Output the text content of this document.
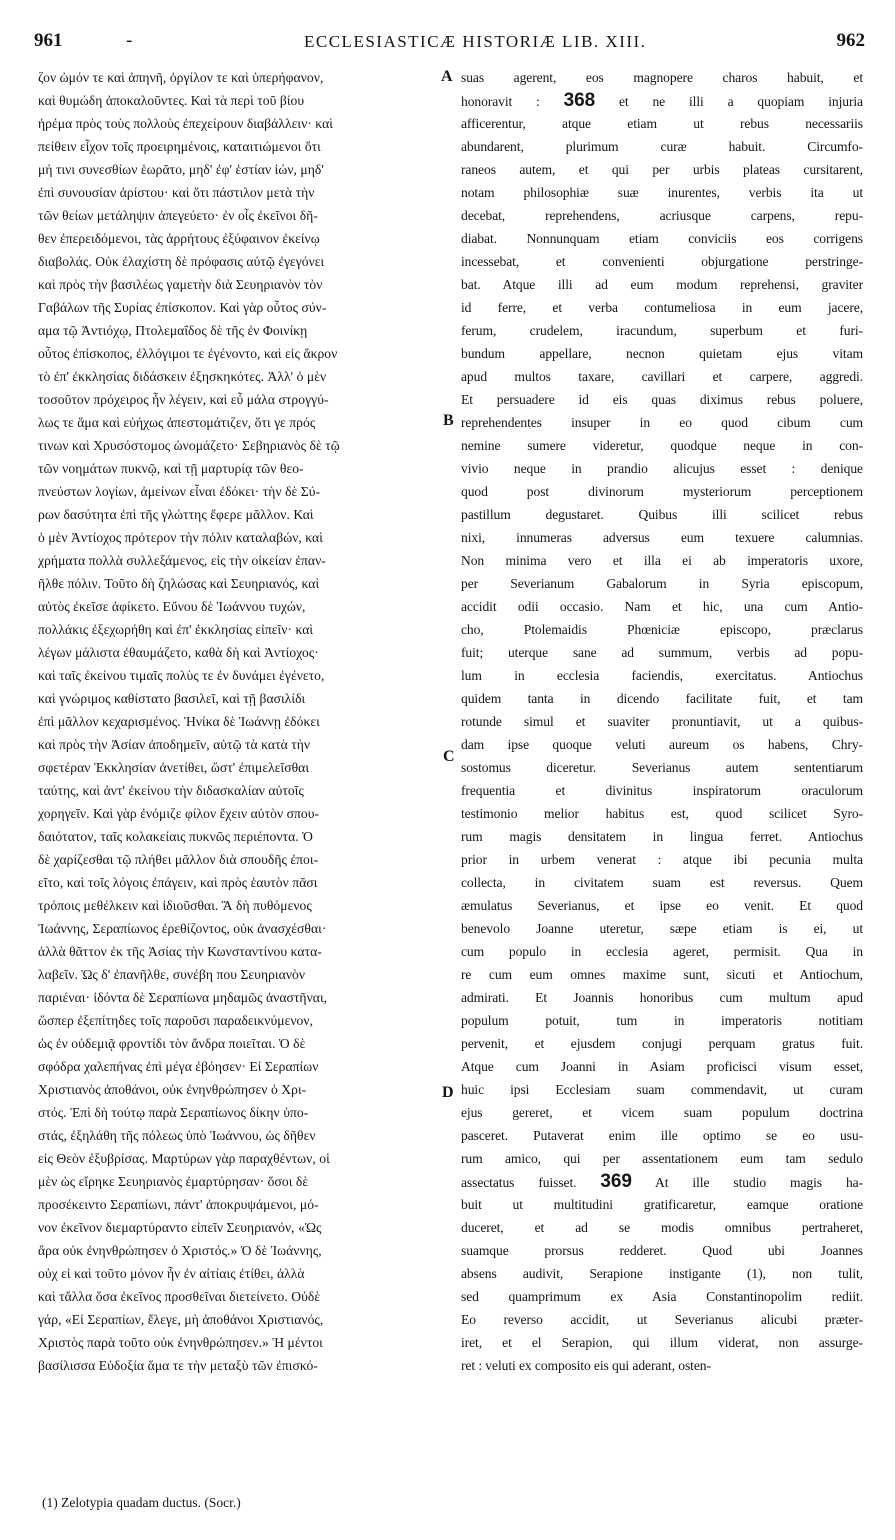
961	-	ECCLESIASTICÆ HISTORIÆ LIB. XIII.	962
ζον ὠμόν τε καὶ ἀπηνῆ, ὀργίλον τε καὶ ὑπερήφανον,
καὶ θυμώδη ἀποκαλοῦντες. Καὶ τὰ περὶ τοῦ βίου
ἠρέμα πρὸς τοὺς πολλοὺς ἐπεχείρουν διαβάλλειν· καὶ
πείθειν εἶχον τοῖς προειρημένοις, καταιτιώμενοι ὅτι
μή τινι συνεσθίων ἑωρᾶτο, μηδ' ἐφ' ἑστίαν ἰών, μηδ'
ἐπὶ συνουσίαν ἀρίστου· καὶ ὅτι πάστιλον μετὰ τὴν
τῶν θείων μετάληψιν ἀπεγεύετο· ἐν οἷς ἐκεῖνοι δῆ-
θεν ἐπερειδόμενοι, τὰς ἀρρήτους ἐξύφαινον ἐκείνῳ
διαβολάς. Οὐκ ἐλαχίστη δὲ πρόφασις αὐτῷ ἐγεγόνει
καὶ πρὸς τὴν βασιλέως γαμετὴν διὰ Σευηριανὸν τὸν
Γαβάλων τῆς Συρίας ἐπίσκοπον. Καὶ γὰρ οὗτος σύν-
αμα τῷ Ἀντιόχῳ, Πτολεμαΐδος δὲ τῆς ἐν Φοινίκῃ
οὗτος ἐπίσκοπος, ἐλλόγιμοι τε ἐγένοντο, καὶ εἰς ἄκρον
τὸ ἐπ' ἐκκλησίας διδάσκειν ἐξησκηκότες. Ἀλλ' ὁ μὲν
τοσοῦτον πρόχειρος ἦν λέγειν, καὶ εὖ μάλα στρογγύ-
λως τε ἅμα καὶ εὐήχως ἀπεστομάτιζεν, ὅτι γε πρός
τινων καὶ Χρυσόστομος ὠνομάζετο· Σεβηριανὸς δὲ τῷ
τῶν νοημάτων πυκνῷ, καὶ τῇ μαρτυρίᾳ τῶν θεο-
πνεύστων λογίων, ἀμείνων εἶναι ἐδόκει· τὴν δὲ Σύ-
ρων δασύτητα ἐπὶ τῆς γλώττης ἔφερε μᾶλλον. Καὶ
ὁ μὲν Ἀντίοχος πρότερον τὴν πόλιν καταλαβών, καὶ
χρήματα πολλὰ συλλεξάμενος, εἰς τὴν οἰκείαν ἐπαν-
ῆλθε πόλιν. Τοῦτο δὴ ζηλώσας καὶ Σευηριανός, καὶ
αὐτὸς ἐκεῖσε ἀφίκετο. Εὔνου δὲ Ἰωάννου τυχών,
πολλάκις ἐξεχωρήθη καὶ ἐπ' ἐκκλησίας εἰπεῖν· καὶ
λέγων μάλιστα ἐθαυμάζετο, καθὰ δὴ καὶ Ἀντίοχος·
καὶ ταῖς ἐκείνου τιμαῖς πολὺς τε ἐν δυνάμει ἐγένετο,
καὶ γνώριμος καθίστατο βασιλεῖ, καὶ τῇ βασιλίδι
ἐπὶ μᾶλλον κεχαρισμένος. Ἡνίκα δὲ Ἰωάννῃ ἐδόκει
καὶ πρὸς τὴν Ἀσίαν ἀποδημεῖν, αὐτῷ τὰ κατὰ τὴν
σφετέραν Ἐκκλησίαν ἀνετίθει, ὥστ' ἐπιμελεῖσθαι
ταύτης, καὶ ἀντ' ἐκείνου τὴν διδασκαλίαν αὐτοῖς
χορηγεῖν. Καὶ γὰρ ἐνόμιζε φίλον ἔχειν αὐτὸν σπου-
δαιότατον, ταῖς κολακείαις πυκνῶς περιέποντα. Ὁ
δὲ χαρίζεσθαι τῷ πλήθει μᾶλλον διὰ σπουδῆς ἐποι-
εῖτο, καὶ τοῖς λόγοις ἐπάγειν, καὶ πρὸς ἑαυτὸν πᾶσι
τρόποις μεθέλκειν καὶ ἰδιοῦσθαι. Ἃ δὴ πυθόμενος
Ἰωάννης, Σεραπίωνος ἐρεθίζοντος, οὐκ ἀνασχέσθαι·
ἀλλὰ θᾶττον ἐκ τῆς Ἀσίας τὴν Κωνσταντίνου κατα-
λαβεῖν. Ὡς δ' ἐπανῆλθε, συνέβη που Σευηριανὸν
παριέναι· ἰδόντα δὲ Σεραπίωνα μηδαμῶς ἀναστῆναι,
ὥσπερ ἐξεπίτηδες τοῖς παροῦσι παραδεικνύμενον,
ὡς ἐν οὐδεμιᾷ φροντίδι τὸν ἄνδρα ποιεῖται. Ὁ δὲ
σφόδρα χαλεπήνας ἐπὶ μέγα ἐβόησεν· Εἰ Σεραπίων
Χριστιανὸς ἀποθάνοι, οὐκ ἐνηνθρώπησεν ὁ Χρι-
στός. Ἐπὶ δὴ τούτῳ παρὰ Σεραπίωνος δίκην ὑπο-
στάς, ἐξηλάθη τῆς πόλεως ὑπὸ Ἰωάννου, ὡς δῆθεν
εἰς Θεὸν ἐξυβρίσας. Μαρτύρων γὰρ παραχθέντων, οἱ
μὲν ὡς εἴρηκε Σευηριανὸς ἐμαρτύρησαν· ὅσοι δὲ
προσέκειντο Σεραπίωνι, πάντ' ἀποκρυψάμενοι, μό-
νον ἐκεῖνον διεμαρτύραντο εἰπεῖν Σευηριανόν, «Ὡς
ἄρα οὐκ ἐνηνθρώπησεν ὁ Χριστός.» Ὁ δὲ Ἰωάννης,
οὐχ εἰ καὶ τοῦτο μόνον ἦν ἐν αἰτίαις ἐτίθει, ἀλλὰ
καὶ τἄλλα ὅσα ἐκεῖνος προσθεῖναι διετείνετο. Οὐδὲ
γάρ, «Εἰ Σεραπίων, ἔλεγε, μὴ ἀποθάνοι Χριστιανός,
Χριστὸς παρὰ τοῦτο οὐκ ἐνηνθρώπησεν.» Ἡ μέντοι
βασίλισσα Εὐδοξία ἅμα τε τὴν μεταξὺ τῶν ἐπισκό-
suas agerent, eos magnopere charos habuit, et
honoravit : 368 et ne illi a quopiam injuria
afficerentur, atque etiam ut rebus necessariis
abundarent, plurimum curæ habuit. Circumfo-
raneos autem, et qui per urbis plateas cursitarent,
notam philosophiæ suæ inurentes, verbis ita ut
decebat, reprehendens, acriusque carpens, repu-
diabat. Nonnunquam etiam conviciis eos corrigens
incessebat, et convenienti objurgatione perstringe-
bat. Atque illi ad eum modum reprehensi, graviter
id ferre, et verba contumeliosa in eum jacere,
ferum, crudelem, iracundum, superbum et furi-
bundum appellare, necnon quietam ejus vitam
apud multos taxare, cavillari et carpere, aggredi.
Et persuadere id eis quas diximus rebus poluere,
reprehendentes insuper in eo quod cibum cum
nemine sumere videretur, quodque neque in con-
vivio neque in prandio alicujus esset : denique
quod post divinorum mysteriorum perceptionem
pastillum degustaret. Quibus illi scilicet rebus
nixi, innumeras adversus eum texuere calumnias.
Non minima vero et illa ei ab imperatoris uxore,
per Severianum Gabalorum in Syria episcopum,
accidit odii occasio. Nam et hic, una cum Antio-
cho, Ptolemaidis Phœniciæ episcopo, præclarus
fuit; uterque sane ad summum, verbis ad popu-
lum in ecclesia faciendis, exercitatus. Antiochus
quidem tanta in dicendo facilitate fuit, et tam
rotunde simul et suaviter pronuntiavit, ut a quibus-
dam ipse quoque veluti aureum os habens, Chry-
sostomus diceretur. Severianus autem sententiarum
frequentia et divinitus inspiratorum oraculorum
testimonio melior habitus est, quod scilicet Syro-
rum magis densitatem in lingua ferret. Antiochus
prior in urbem venerat : atque ibi pecunia multa
collecta, in civitatem suam est reversus. Quem
æmulatus Severianus, et ipse eo venit. Et quod
benevolo Joanne uteretur, sæpe etiam is ei, ut
cum populo in ecclesia ageret, permisit. Qua in
re cum eum omnes maxime sunt, sicuti et Antiochum,
admirati. Et Joannis honoribus cum multum apud
populum potuit, tum in imperatoris notitiam
pervenit, et ejusdem conjugi perquam gratus fuit.
Atque cum Joanni in Asiam proficisci visum esset,
huic ipsi Ecclesiam suam commendavit, ut curam
ejus gereret, et vicem suam populum doctrina
pasceret. Putaverat enim ille optimo se eo usu-
rum amico, qui per assentationem eum tam sedulo
assectatus fuisset. 369 At ille studio magis ha-
buit ut multitudini gratificaretur, eamque oratione
duceret, et ad se modis omnibus pertraheret,
suamque prorsus redderet. Quod ubi Joannes
absens audivit, Serapione instigante (1), non tulit,
sed quamprimum ex Asia Constantinopolim rediit.
Eo reverso accidit, ut Severianus alicubi præter-
iret, et el Serapion, qui illum viderat, non assurge-
ret : veluti ex composito eis qui aderant, osten-
A
B
C
D
(1) Zelotypia quadam ductus. (Socr.)
